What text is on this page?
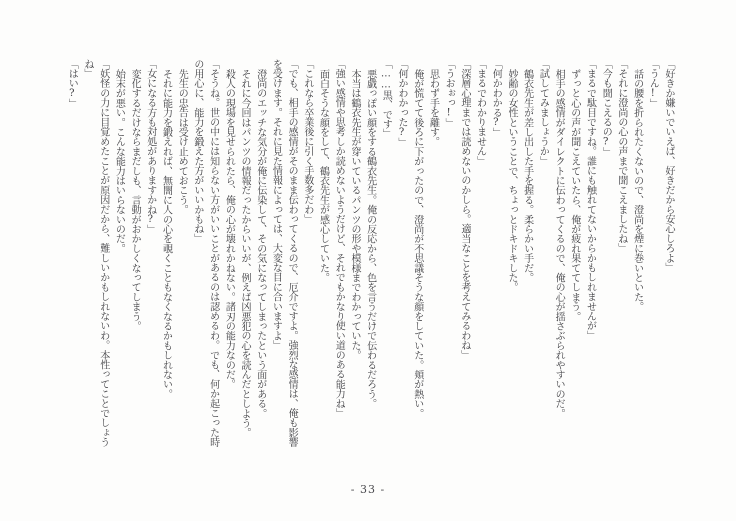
「好きか嫌いでいえば、好きだから安心しろよ」

「うん!」

話の腰を折られたくないので、澄尚を煙に巻いといた。

「それに澄尚の心の声まで聞こえましたね」

「今も聞こえるの?」

「まるで駄目ですね。誰にも触れてないからかもしれませんが」

ずっと心の声が聞こえていたら、俺が疲れ果ててしまう。

相手の感情がダイレクトに伝わってくるので、俺の心が揺さぶられやすいのだ。

「試してみましょうか」

鶴衣先生が差し出した手を握る。柔らかい手だ。

妙齢の女性ということで、ちょっとドキドキした。

「何かわかる?」

「まるでわかりません」

「深層心理までは読めないのかしら。適当なことを考えてみるわね」

「うおぉっ!」

思わず手を離す。

俺が慌てて後ろに下がったので、澄尚が不思議そうな顔をしていた。頬が熱い。

「何かわかった?」

「……黒、です」

悪戯っぽい顔をする鶴衣先生。俺の反応から、色を言うだけで伝わるだろう。

本当は鶴衣先生が穿いているパンツの形や模様までわかっていた。

「強い感情や思考しか読めないようだけど、それでもかなり使い道のある能力ね」

面白そうな顔をして、鶴衣先生が感心していた。

「これなら卒業後に引く手数多だわ」

「でも、相手の感情がそのまま伝わってくるので、厄介ですよ。強烈な感情は、俺も影響

を受けます。それに見た情報によっては、大変な目に合いますよ」

澄尚のエッチな気分が俺に伝染して、その気になってしまったという面がある。

それに今回はパンツの情報だったからいいが、例えば凶悪犯の心を読んだとしよう。

殺人の現場を見せられたら、俺の心が壊れかねない。諸刃の能力なのだ。

「そうね。世の中には知らない方がいいことがあるのは認めるわ。でも、何か起こった時

の用心に、能力を鍛えた方がいいかもね」

先生の忠告は受け止めておこう。

それに能力を鍛えれば、無闇に人の心を覗くこともなくなるかもしれない。

「女になる方も対処がありますかね?」

変化するだけならまだしも、言動がおかしくなってしまう。

始末が悪い。こんな能力はいらないのだ。

「妖怪の力に目覚めたことが原因だから、難しいかもしれないわ。本性ってことでしょう

ね」

「はい?」

- 33 -
